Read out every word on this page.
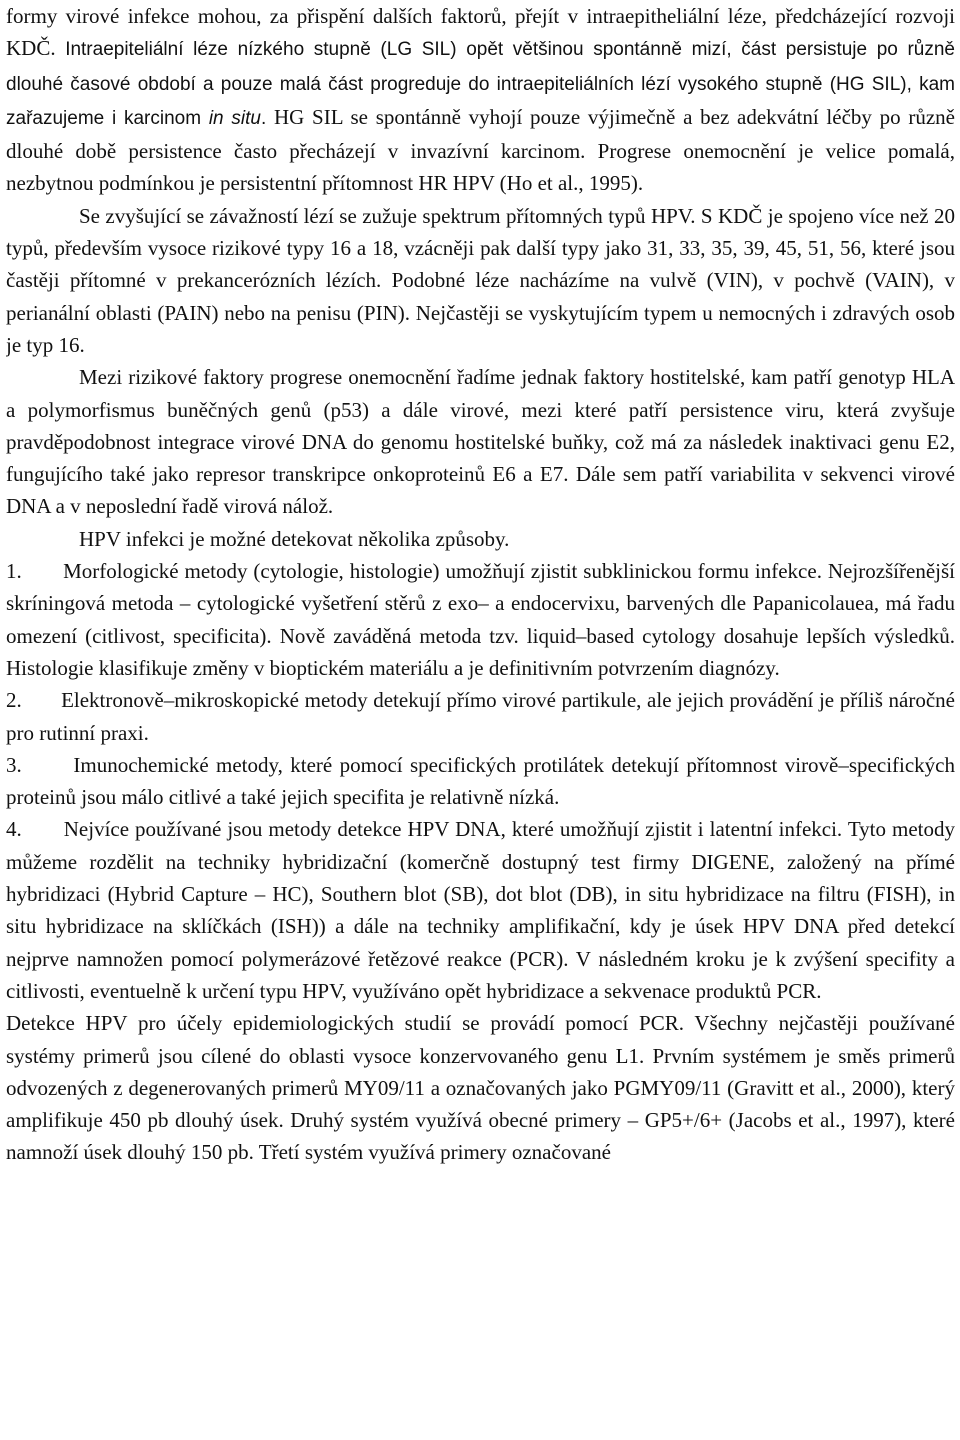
formy virové infekce mohou, za přispění dalších faktorů, přejít v intraepitheliální léze, předcházející rozvoji KDČ. Intraepiteliální léze nízkého stupně (LG SIL) opět většinou spontánně mizí, část persistuje po různě dlouhé časové období a pouze malá část progreduje do intraepiteliálních lézí vysokého stupně (HG SIL), kam zařazujeme i karcinom in situ. HG SIL se spontánně vyhojí pouze výjimečně a bez adekvátní léčby po různě dlouhé době persistence často přecházejí v invazívní karcinom. Progrese onemocnění je velice pomalá, nezbytnou podmínkou je persistentní přítomnost HR HPV (Ho et al., 1995).

Se zvyšující se závažností lézí se zužuje spektrum přítomných typů HPV. S KDČ je spojeno více než 20 typů, především vysoce rizikové typy 16 a 18, vzácněji pak další typy jako 31, 33, 35, 39, 45, 51, 56, které jsou častěji přítomné v prekancerózních lézích. Podobné léze nacházíme na vulvě (VIN), v pochvě (VAIN), v perianální oblasti (PAIN) nebo na penisu (PIN). Nejčastěji se vyskytujícím typem u nemocných i zdravých osob je typ 16.

Mezi rizikové faktory progrese onemocnění řadíme jednak faktory hostitelské, kam patří genotyp HLA a polymorfismus buněčných genů (p53) a dále virové, mezi které patří persistence viru, která zvyšuje pravděpodobnost integrace virové DNA do genomu hostitelské buňky, což má za následek inaktivaci genu E2, fungujícího také jako represor transkripce onkoproteinů E6 a E7. Dále sem patří variabilita v sekvenci virové DNA a v neposlední řadě virová nálož.

HPV infekci je možné detekovat několika způsoby.

1.       Morfologické metody (cytologie, histologie) umožňují zjistit subklinickou formu infekce. Nejrozšířenější skríningová metoda – cytologické vyšetření stěrů z exo– a endocervixu, barvených dle Papanicolauea, má řadu omezení (citlivost, specificita). Nově zaváděná metoda tzv. liquid–based cytology dosahuje lepších výsledků. Histologie klasifikuje změny v bioptickém materiálu a je definitivním potvrzením diagnózy.

2.       Elektronově–mikroskopické metody detekují přímo virové partikule, ale jejich provádění je příliš náročné pro rutinní praxi.

3.       Imunochemické metody, které pomocí specifických protilátek detekují přítomnost virově–specifických proteinů jsou málo citlivé a také jejich specifita je relativně nízká.

4.       Nejvíce používané jsou metody detekce HPV DNA, které umožňují zjistit i latentní infekci. Tyto metody můžeme rozdělit na techniky hybridizační (komerčně dostupný test firmy DIGENE, založený na přímé hybridizaci (Hybrid Capture – HC), Southern blot (SB), dot blot (DB), in situ hybridizace na filtru (FISH), in situ hybridizace na sklíčkách (ISH)) a dále na techniky amplifikační, kdy je úsek HPV DNA před detekcí nejprve namnožen pomocí polymerázové řetězové reakce (PCR). V následném kroku je k zvýšení specifity a citlivosti, eventuelně k určení typu HPV, využíváno opět hybridizace a sekvenace produktů PCR.

Detekce HPV pro účely epidemiologických studií se provádí pomocí PCR. Všechny nejčastěji používané systémy primerů jsou cílené do oblasti vysoce konzervovaného genu L1. Prvním systémem je směs primerů odvozených z degenerovaných primerů MY09/11 a označovaných jako PGMY09/11 (Gravitt et al., 2000), který amplifikuje 450 pb dlouhý úsek. Druhý systém využívá obecné primery – GP5+/6+ (Jacobs et al., 1997), které namnoží úsek dlouhý 150 pb. Třetí systém využívá primery označované
